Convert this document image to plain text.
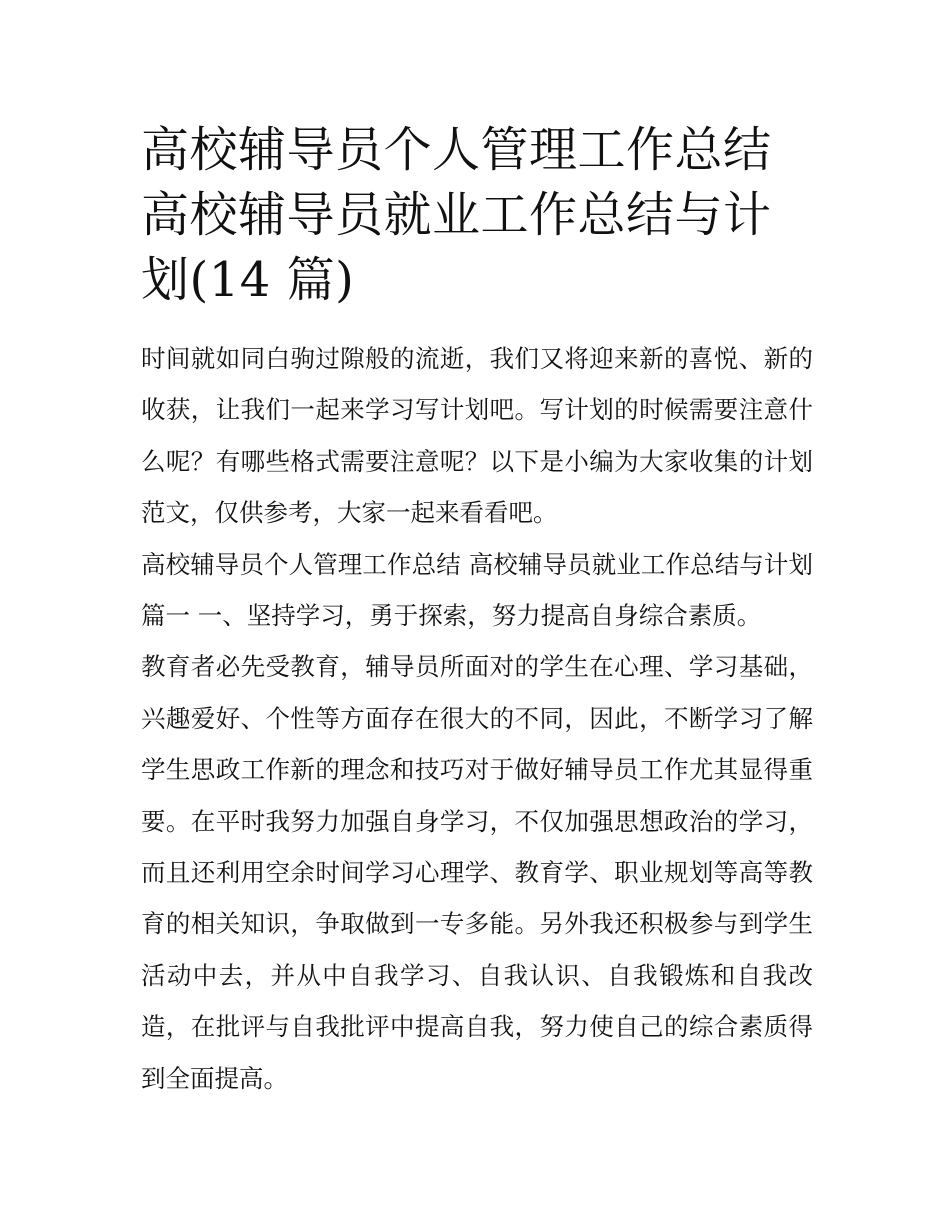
高校辅导员个人管理工作总结 高校辅导员就业工作总结与计划(14 篇)

时间就如同白驹过隙般的流逝，我们又将迎来新的喜悦、新的收获，让我们一起来学习写计划吧。写计划的时候需要注意什么呢？有哪些格式需要注意呢？以下是小编为大家收集的计划范文，仅供参考，大家一起来看看吧。

高校辅导员个人管理工作总结 高校辅导员就业工作总结与计划篇一 一、坚持学习，勇于探索，努力提高自身综合素质。

教育者必先受教育，辅导员所面对的学生在心理、学习基础，兴趣爱好、个性等方面存在很大的不同，因此，不断学习了解学生思政工作新的理念和技巧对于做好辅导员工作尤其显得重要。在平时我努力加强自身学习，不仅加强思想政治的学习，而且还利用空余时间学习心理学、教育学、职业规划等高等教育的相关知识，争取做到一专多能。另外我还积极参与到学生活动中去，并从中自我学习、自我认识、自我锻炼和自我改造，在批评与自我批评中提高自我，努力使自己的综合素质得到全面提高。
